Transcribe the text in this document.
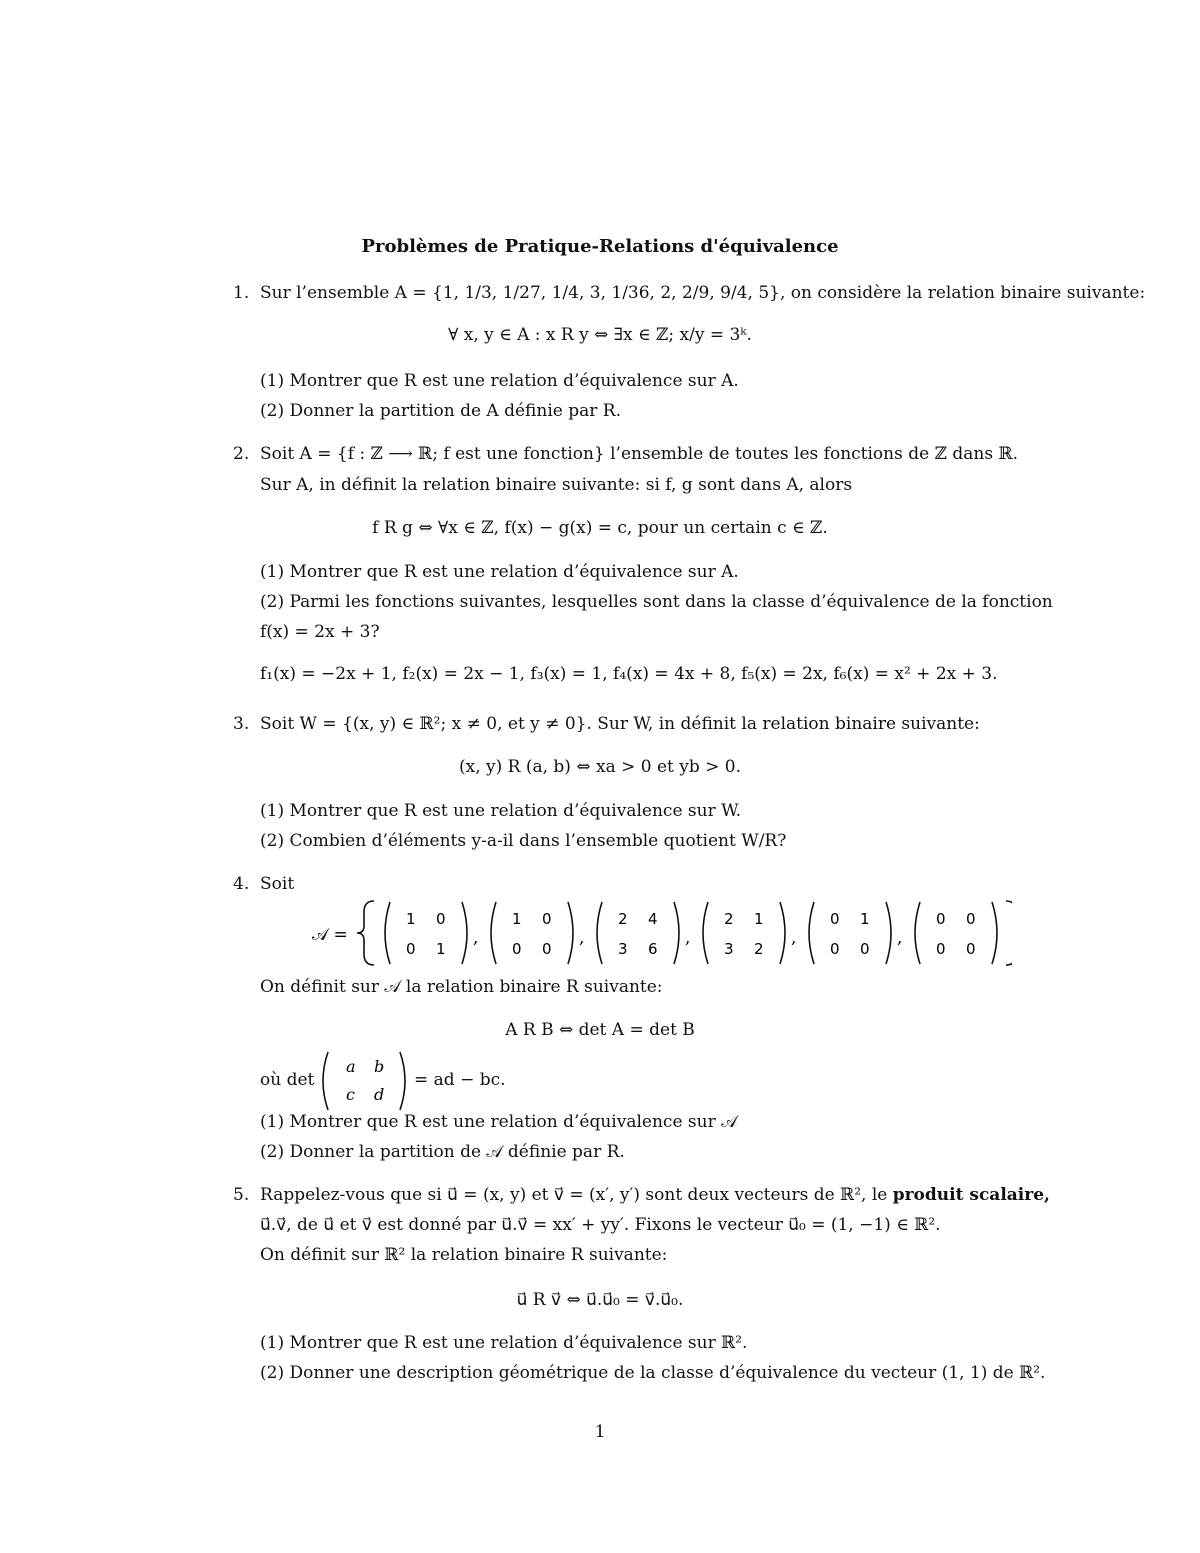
Problèmes de Pratique-Relations d'équivalence
1. Sur l’ensemble A = {1, 1/3, 1/27, 1/4, 3, 1/36, 2, 2/9, 9/4, 5}, on considère la relation binaire suivante:
∀ x, y ∈ A : x R y ⇔ ∃x ∈ ℤ; x/y = 3ᵏ.
(1) Montrer que R est une relation d’équivalence sur A.
(2) Donner la partition de A définie par R.
2. Soit A = {f : ℤ ⟶ ℝ; f est une fonction} l’ensemble de toutes les fonctions de ℤ dans ℝ.
Sur A, in définit la relation binaire suivante: si f, g sont dans A, alors
f R g ⇔ ∀x ∈ ℤ, f(x) − g(x) = c, pour un certain c ∈ ℤ.
(1) Montrer que R est une relation d’équivalence sur A.
(2) Parmi les fonctions suivantes, lesquelles sont dans la classe d’équivalence de la fonction
f(x) = 2x + 3?
f₁(x) = −2x + 1, f₂(x) = 2x − 1, f₃(x) = 1, f₄(x) = 4x + 8, f₅(x) = 2x, f₆(x) = x² + 2x + 3.
3. Soit W = {(x, y) ∈ ℝ²; x ≠ 0, et y ≠ 0}. Sur W, in définit la relation binaire suivante:
(x, y) R (a, b) ⇔ xa > 0 et yb > 0.
(1) Montrer que R est une relation d’équivalence sur W.
(2) Combien d’éléments y-a-il dans l’ensemble quotient W/R?
4. Soit
𝒜 =
1 0
0 1
,
1 0
0 0
,
2 4
3 6
,
2 1
3 2
,
0 1
0 0
,
0 0
0 0
On définit sur 𝒜 la relation binaire R suivante:
A R B ⇔ det A = det B
où det
a b
c d
= ad − bc.
(1) Montrer que R est une relation d’équivalence sur 𝒜
(2) Donner la partition de 𝒜 définie par R.
5. Rappelez-vous que si u⃗ = (x, y) et v⃗ = (x′, y′) sont deux vecteurs de ℝ², le produit scalaire,
u⃗.v⃗, de u⃗ et v⃗ est donné par u⃗.v⃗ = xx′ + yy′. Fixons le vecteur u⃗₀ = (1, −1) ∈ ℝ².
On définit sur ℝ² la relation binaire R suivante:
u⃗ R v⃗ ⇔ u⃗.u⃗₀ = v⃗.u⃗₀.
(1) Montrer que R est une relation d’équivalence sur ℝ².
(2) Donner une description géométrique de la classe d’équivalence du vecteur (1, 1) de ℝ².
1
